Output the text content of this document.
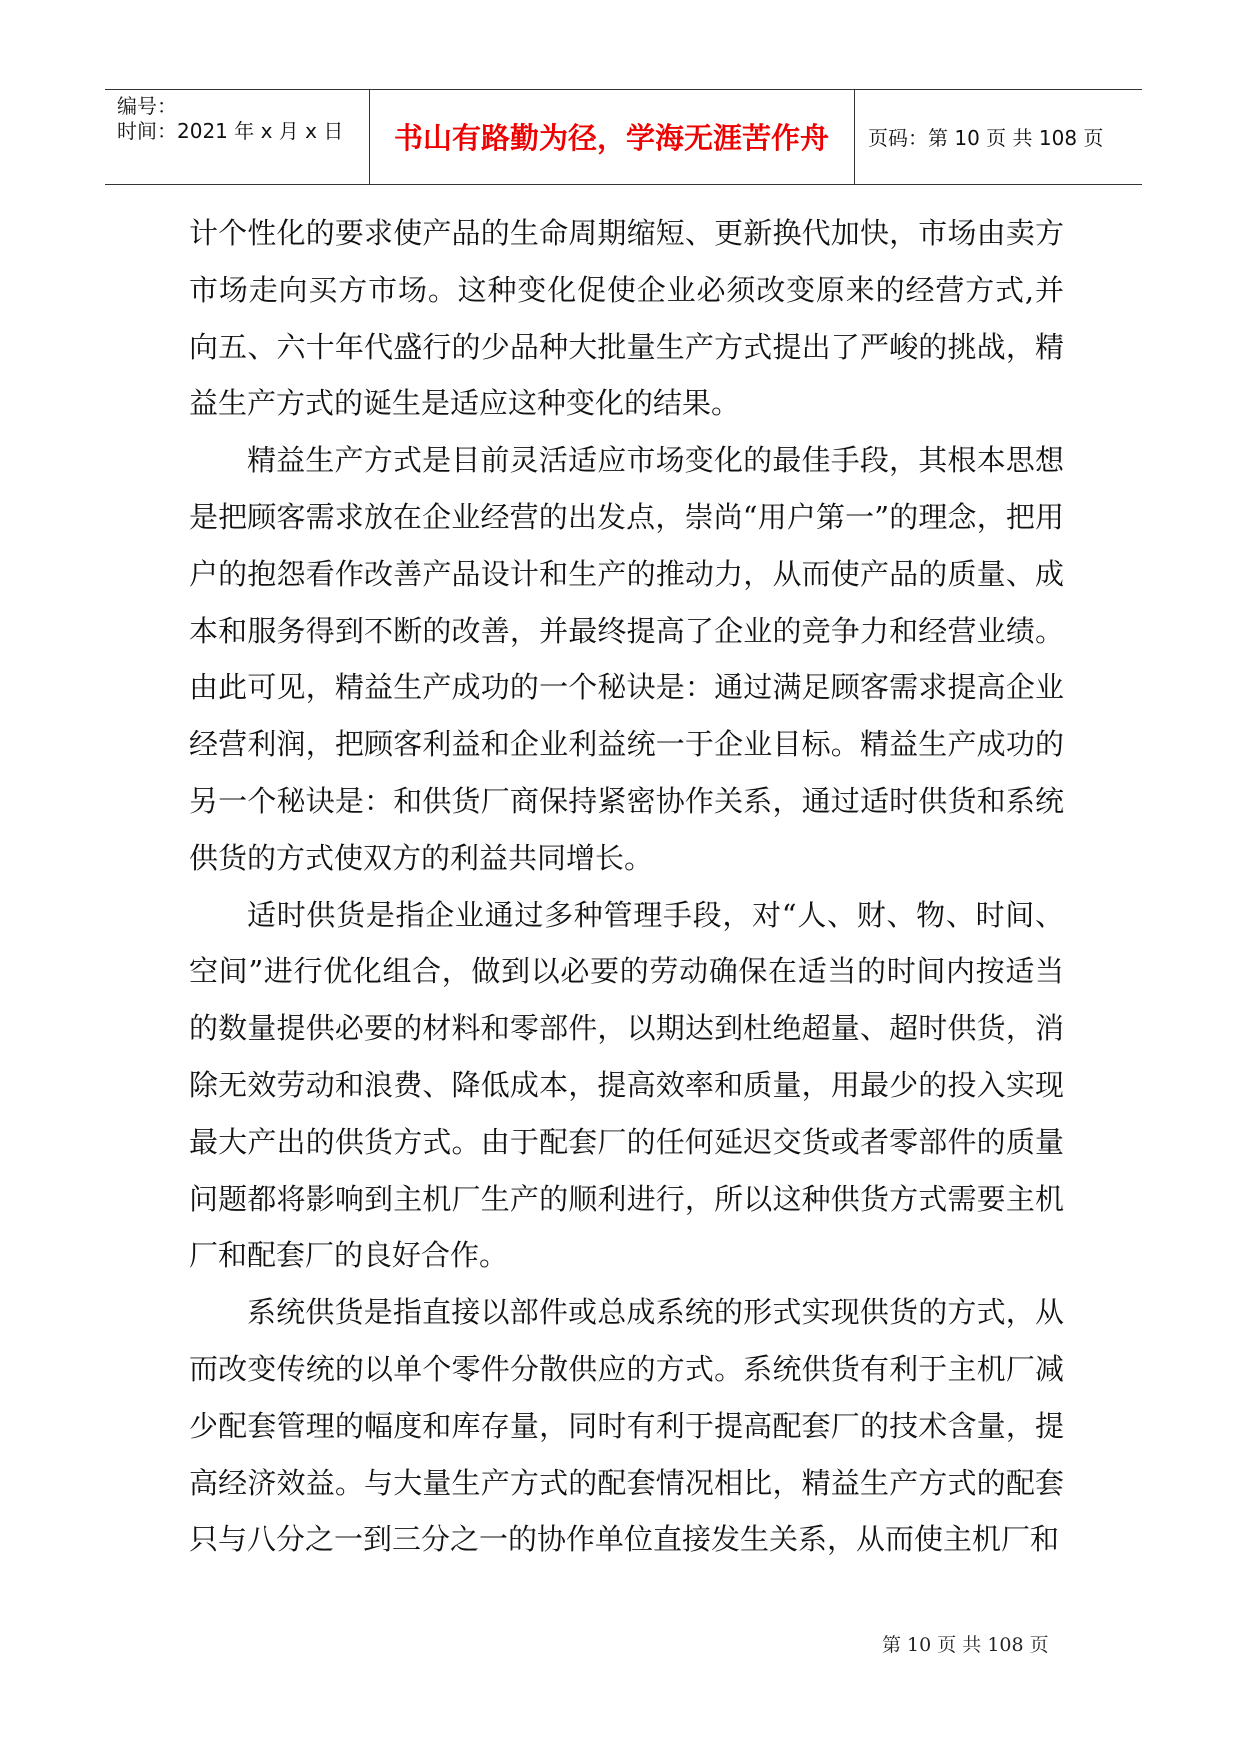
编号：
时间：2021 年 x 月 x 日	书山有路勤为径，学海无涯苦作舟	页码：第 10 页 共 108 页

计个性化的要求使产品的生命周期缩短、更新换代加快，市场由卖方市场走向买方市场。这种变化促使企业必须改变原来的经营方式,并向五、六十年代盛行的少品种大批量生产方式提出了严峻的挑战，精益生产方式的诞生是适应这种变化的结果。

精益生产方式是目前灵活适应市场变化的最佳手段，其根本思想是把顾客需求放在企业经营的出发点，崇尚“用户第一”的理念，把用户的抱怨看作改善产品设计和生产的推动力，从而使产品的质量、成本和服务得到不断的改善，并最终提高了企业的竞争力和经营业绩。由此可见，精益生产成功的一个秘诀是：通过满足顾客需求提高企业经营利润，把顾客利益和企业利益统一于企业目标。精益生产成功的另一个秘诀是：和供货厂商保持紧密协作关系，通过适时供货和系统供货的方式使双方的利益共同增长。

适时供货是指企业通过多种管理手段，对“人、财、物、时间、空间”进行优化组合，做到以必要的劳动确保在适当的时间内按适当的数量提供必要的材料和零部件，以期达到杜绝超量、超时供货，消除无效劳动和浪费、降低成本，提高效率和质量，用最少的投入实现最大产出的供货方式。由于配套厂的任何延迟交货或者零部件的质量问题都将影响到主机厂生产的顺利进行，所以这种供货方式需要主机厂和配套厂的良好合作。

系统供货是指直接以部件或总成系统的形式实现供货的方式，从而改变传统的以单个零件分散供应的方式。系统供货有利于主机厂减少配套管理的幅度和库存量，同时有利于提高配套厂的技术含量，提高经济效益。与大量生产方式的配套情况相比，精益生产方式的配套只与八分之一到三分之一的协作单位直接发生关系，从而使主机厂和

第 10 页 共 108 页
